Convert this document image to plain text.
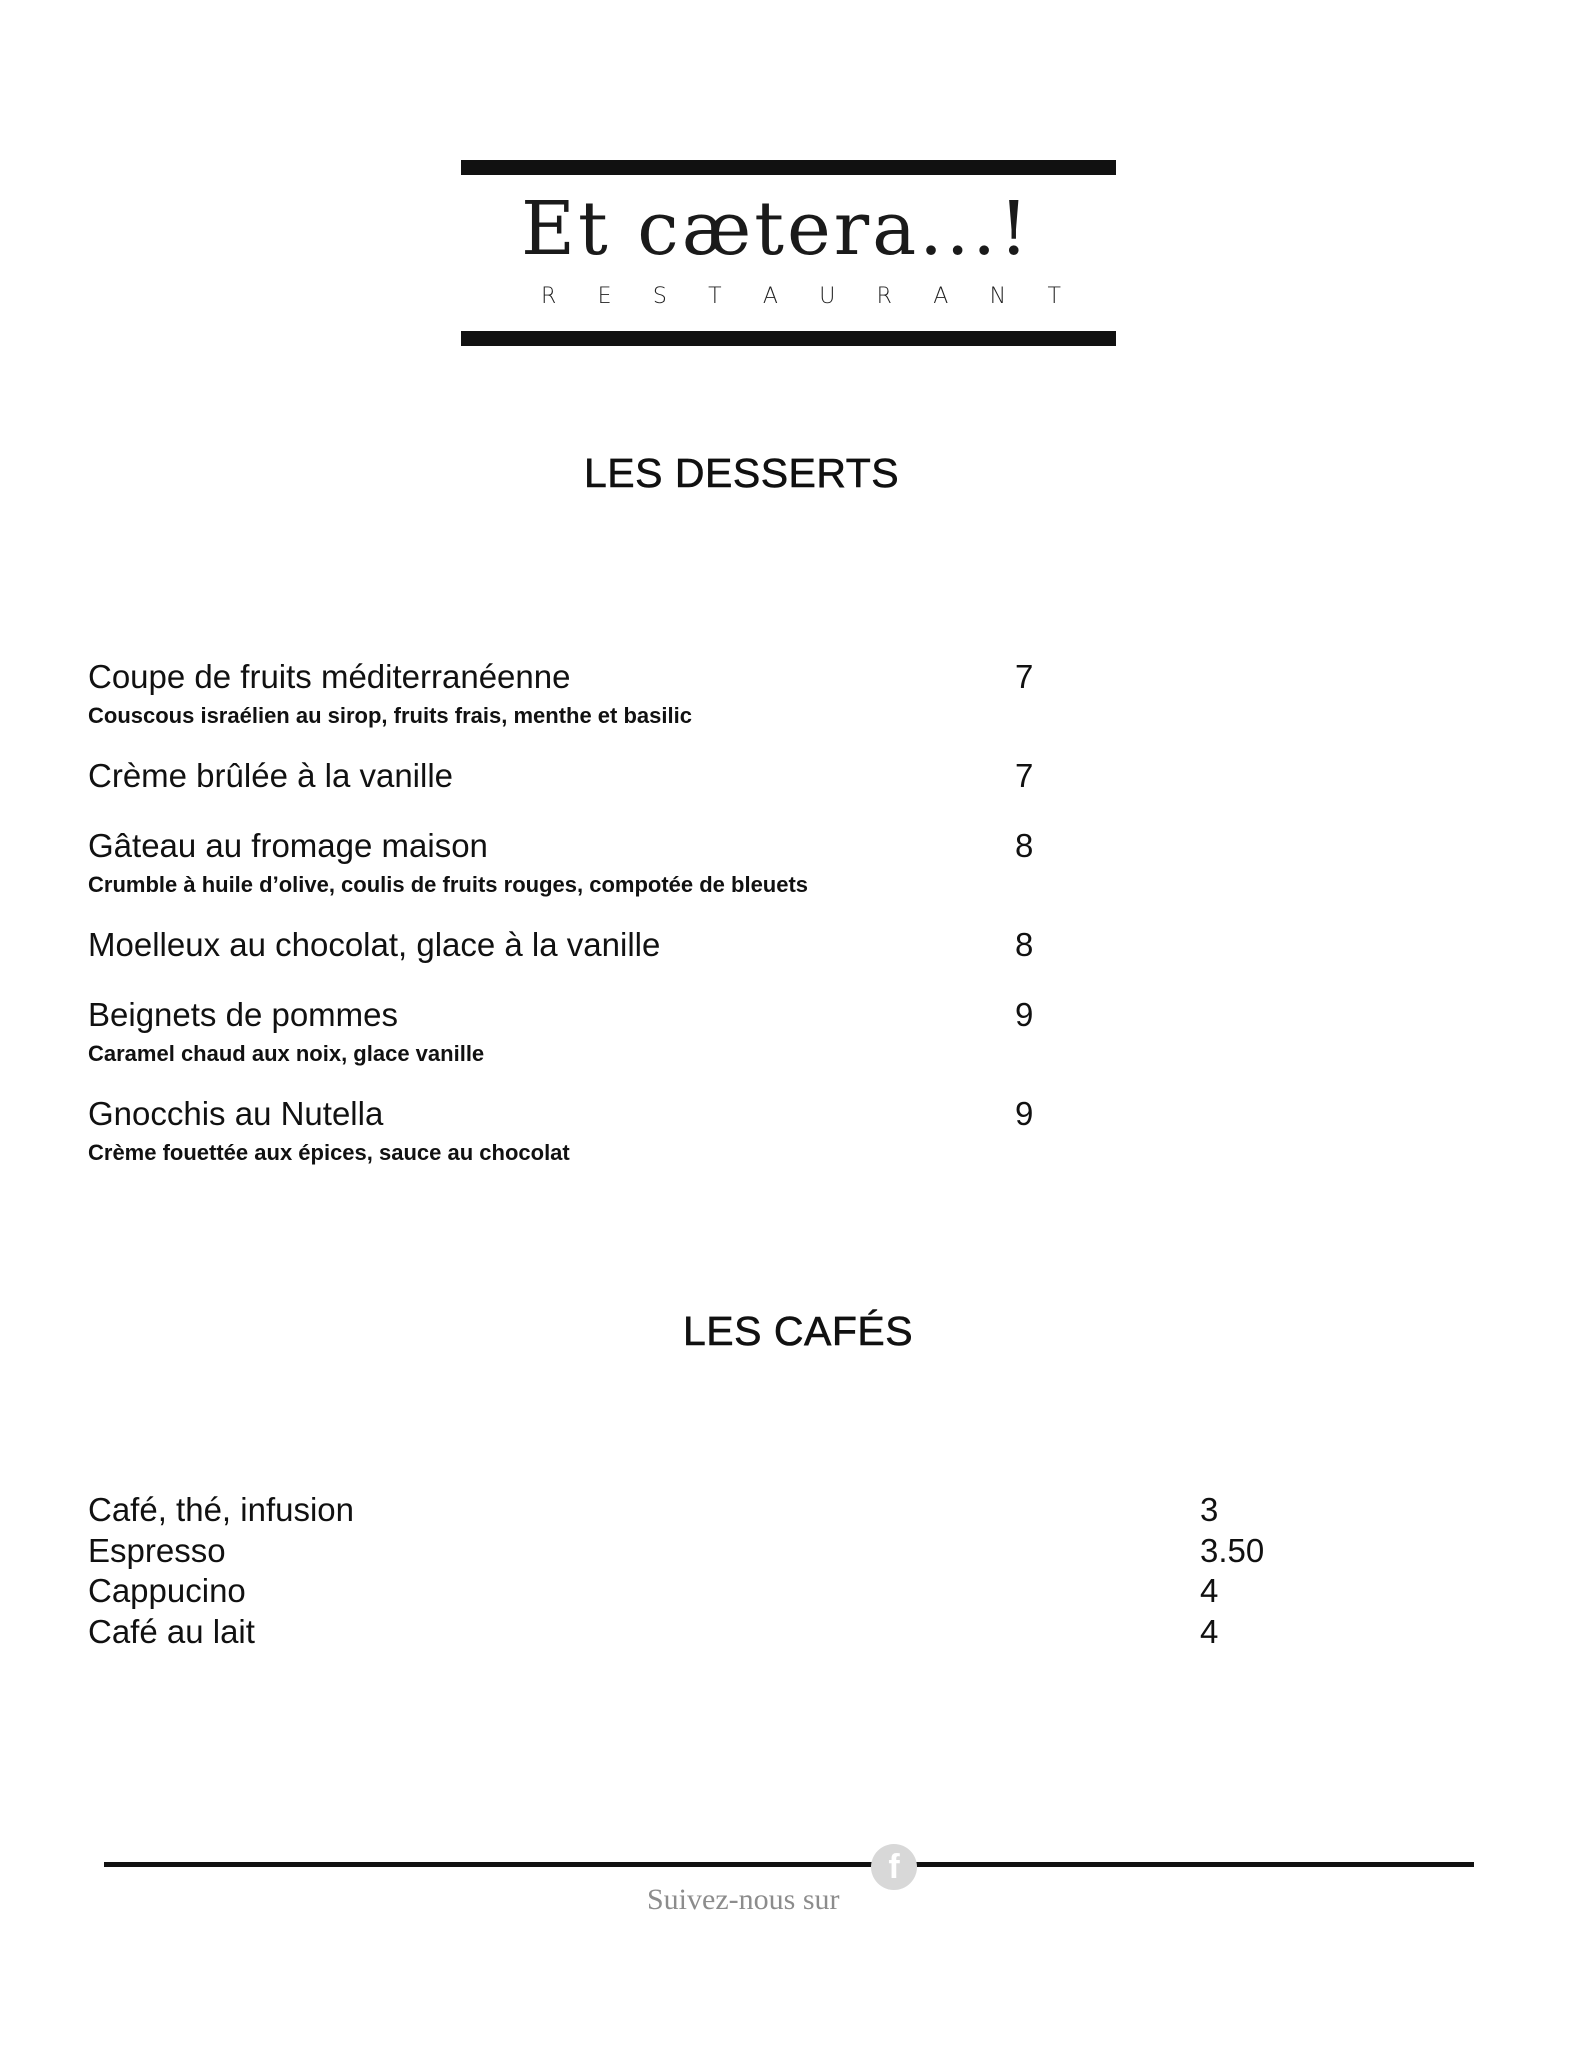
Et cætera...!
R E S T A U R A N T
LES DESSERTS
Coupe de fruits méditerranéenne	7
Couscous israélien au sirop, fruits frais, menthe et basilic
Crème brûlée à la vanille	7
Gâteau au fromage maison	8
Crumble à huile d’olive, coulis de fruits rouges, compotée de bleuets
Moelleux au chocolat, glace à la vanille	8
Beignets de pommes	9
Caramel chaud aux noix, glace vanille
Gnocchis au Nutella	9
Crème fouettée aux épices, sauce au chocolat
LES CAFÉS
Café, thé, infusion	3
Espresso	3.50
Cappucino	4
Café au lait	4
f
Suivez-nous sur
